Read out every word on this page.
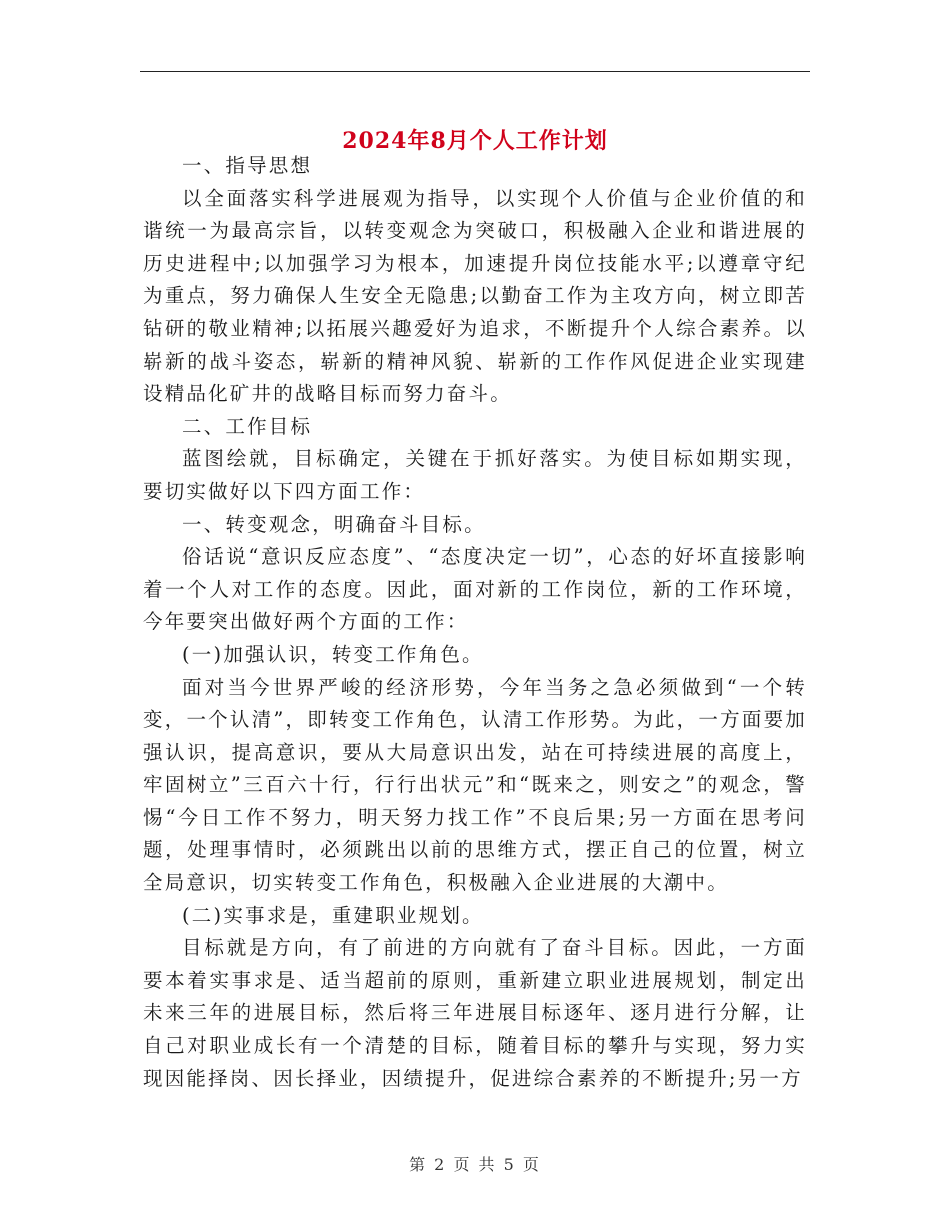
2024年8月个人工作计划

一、指导思想

以全面落实科学进展观为指导，以实现个人价值与企业价值的和谐统一为最高宗旨，以转变观念为突破口，积极融入企业和谐进展的历史进程中;以加强学习为根本，加速提升岗位技能水平;以遵章守纪为重点，努力确保人生安全无隐患;以勤奋工作为主攻方向，树立即苦钻研的敬业精神;以拓展兴趣爱好为追求，不断提升个人综合素养。以崭新的战斗姿态，崭新的精神风貌、崭新的工作作风促进企业实现建设精品化矿井的战略目标而努力奋斗。

二、工作目标

蓝图绘就，目标确定，关键在于抓好落实。为使目标如期实现，要切实做好以下四方面工作：

一、转变观念，明确奋斗目标。

俗话说“意识反应态度”、“态度决定一切”，心态的好坏直接影响着一个人对工作的态度。因此，面对新的工作岗位，新的工作环境，今年要突出做好两个方面的工作：

(一)加强认识，转变工作角色。

面对当今世界严峻的经济形势，今年当务之急必须做到“一个转变，一个认清”，即转变工作角色，认清工作形势。为此，一方面要加强认识，提高意识，要从大局意识出发，站在可持续进展的高度上，牢固树立”三百六十行，行行出状元”和“既来之，则安之”的观念，警惕“今日工作不努力，明天努力找工作”不良后果;另一方面在思考问题，处理事情时，必须跳出以前的思维方式，摆正自己的位置，树立全局意识，切实转变工作角色，积极融入企业进展的大潮中。

(二)实事求是，重建职业规划。

目标就是方向，有了前进的方向就有了奋斗目标。因此，一方面要本着实事求是、适当超前的原则，重新建立职业进展规划，制定出未来三年的进展目标，然后将三年进展目标逐年、逐月进行分解，让自己对职业成长有一个清楚的目标，随着目标的攀升与实现，努力实现因能择岗、因长择业，因绩提升，促进综合素养的不断提升;另一方

第 2 页 共 5 页
